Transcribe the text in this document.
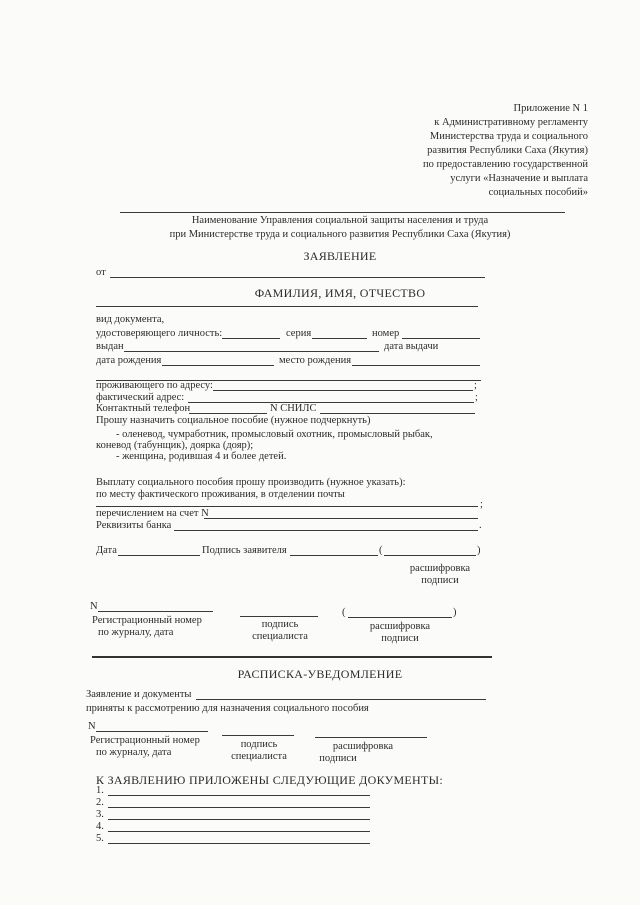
Приложение N 1
к Административному регламенту
Министерства труда и социального
развития Республики Саха (Якутия)
по предоставлению государственной
услуги «Назначение и выплата
социальных пособий»
Наименование Управления социальной защиты населения и труда
при Министерстве труда и социального развития Республики Саха (Якутия)
ЗАЯВЛЕНИЕ
от
ФАМИЛИЯ, ИМЯ, ОТЧЕСТВО
вид документа,
удостоверяющего личность:	серия	номер
выдан	дата выдачи
дата рождения	место рождения
проживающего по адресу:	;
фактический адрес:	;
Контактный телефон	N СНИЛС
Прошу назначить социальное пособие (нужное подчеркнуть)
- оленевод, чумработник, промысловый охотник, промысловый рыбак,
коневод (табунщик), доярка (дояр);
- женщина, родившая 4 и более детей.
Выплату социального пособия прошу производить (нужное указать):
по месту фактического проживания, в отделении почты
;
перечислением на счет N
Реквизиты банка	.
Дата	Подпись заявителя	(	)
расшифровка
подписи
N
Регистрационный номер
по журналу, дата
подпись
специалиста
(	)
расшифровка
подписи
РАСПИСКА-УВЕДОМЛЕНИЕ
Заявление и документы
приняты к рассмотрению для назначения социального пособия
N
Регистрационный номер
по журналу, дата
подпись
специалиста
расшифровка
подписи
К ЗАЯВЛЕНИЮ ПРИЛОЖЕНЫ СЛЕДУЮЩИЕ ДОКУМЕНТЫ:
1.
2.
3.
4.
5.
